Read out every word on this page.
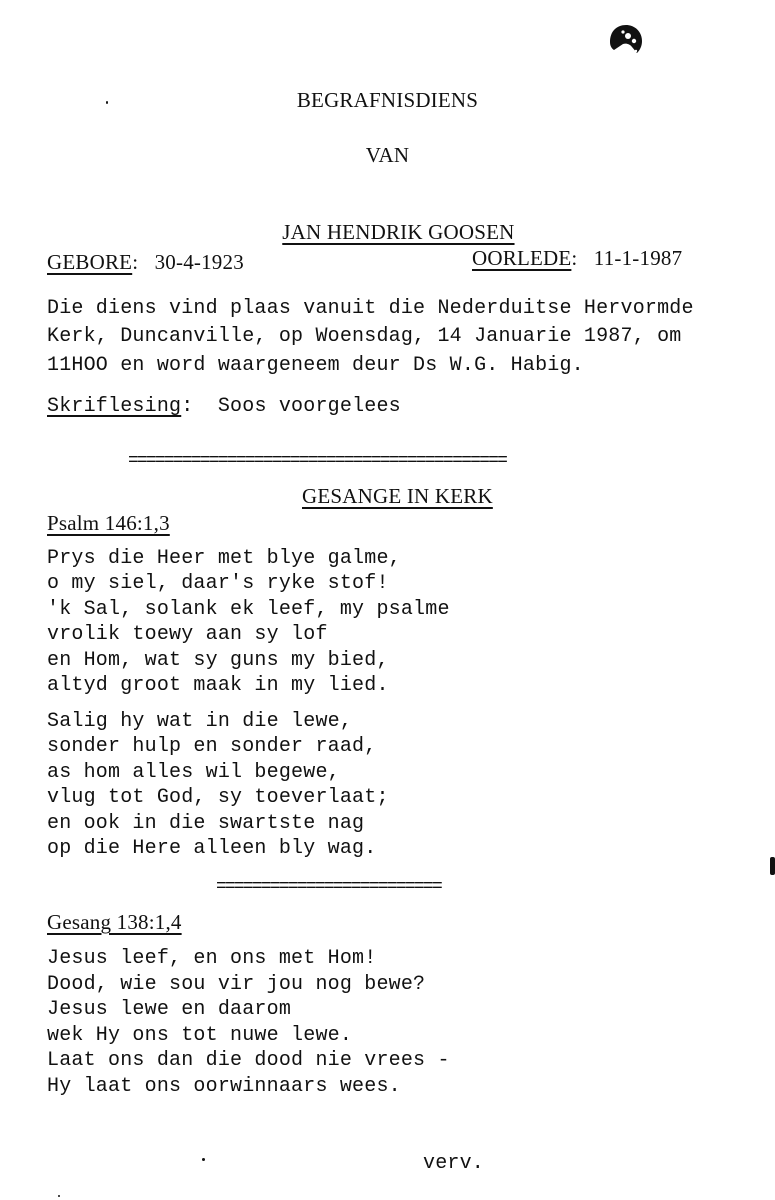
BEGRAFNISDIENS
VAN

JAN HENDRIK GOOSEN

GEBORE: 30-4-1923	OORLEDE: 11-1-1987
Die diens vind plaas vanuit die Nederduitse Hervormde
Kerk, Duncanville, op Woensdag, 14 Januarie 1987, om
11HOO en word waargeneem deur Ds W.G. Habig.
Skriflesing: Soos voorgelees
==========================================
GESANGE IN KERK
Psalm 146:1,3
Prys die Heer met blye galme,
o my siel, daar's ryke stof!
'k Sal, solank ek leef, my psalme
vrolik toewy aan sy lof
en Hom, wat sy guns my bied,
altyd groot maak in my lied.
Salig hy wat in die lewe,
sonder hulp en sonder raad,
as hom alles wil begewe,
vlug tot God, sy toeverlaat;
en ook in die swartste nag
op die Here alleen bly wag.
=========================
Gesang 138:1,4
Jesus leef, en ons met Hom!
Dood, wie sou vir jou nog bewe?
Jesus lewe en daarom
wek Hy ons tot nuwe lewe.
Laat ons dan die dood nie vrees -
Hy laat ons oorwinnaars wees.
verv.
